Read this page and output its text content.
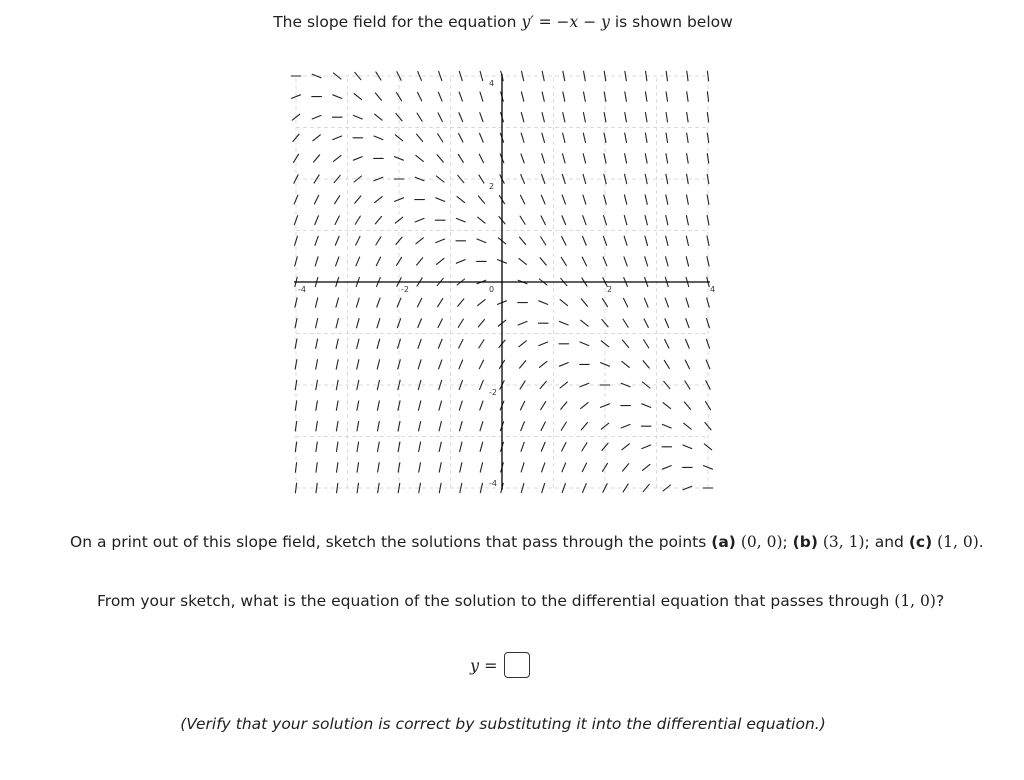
The slope field for the equation y′ = −x − y is shown below
-4	-2	2	4
4
2
0
-2
-4
On a print out of this slope field, sketch the solutions that pass through the points (a) (0, 0); (b) (3, 1); and (c) (1, 0).
From your sketch, what is the equation of the solution to the differential equation that passes through (1, 0)?
y =
(Verify that your solution is correct by substituting it into the differential equation.)
